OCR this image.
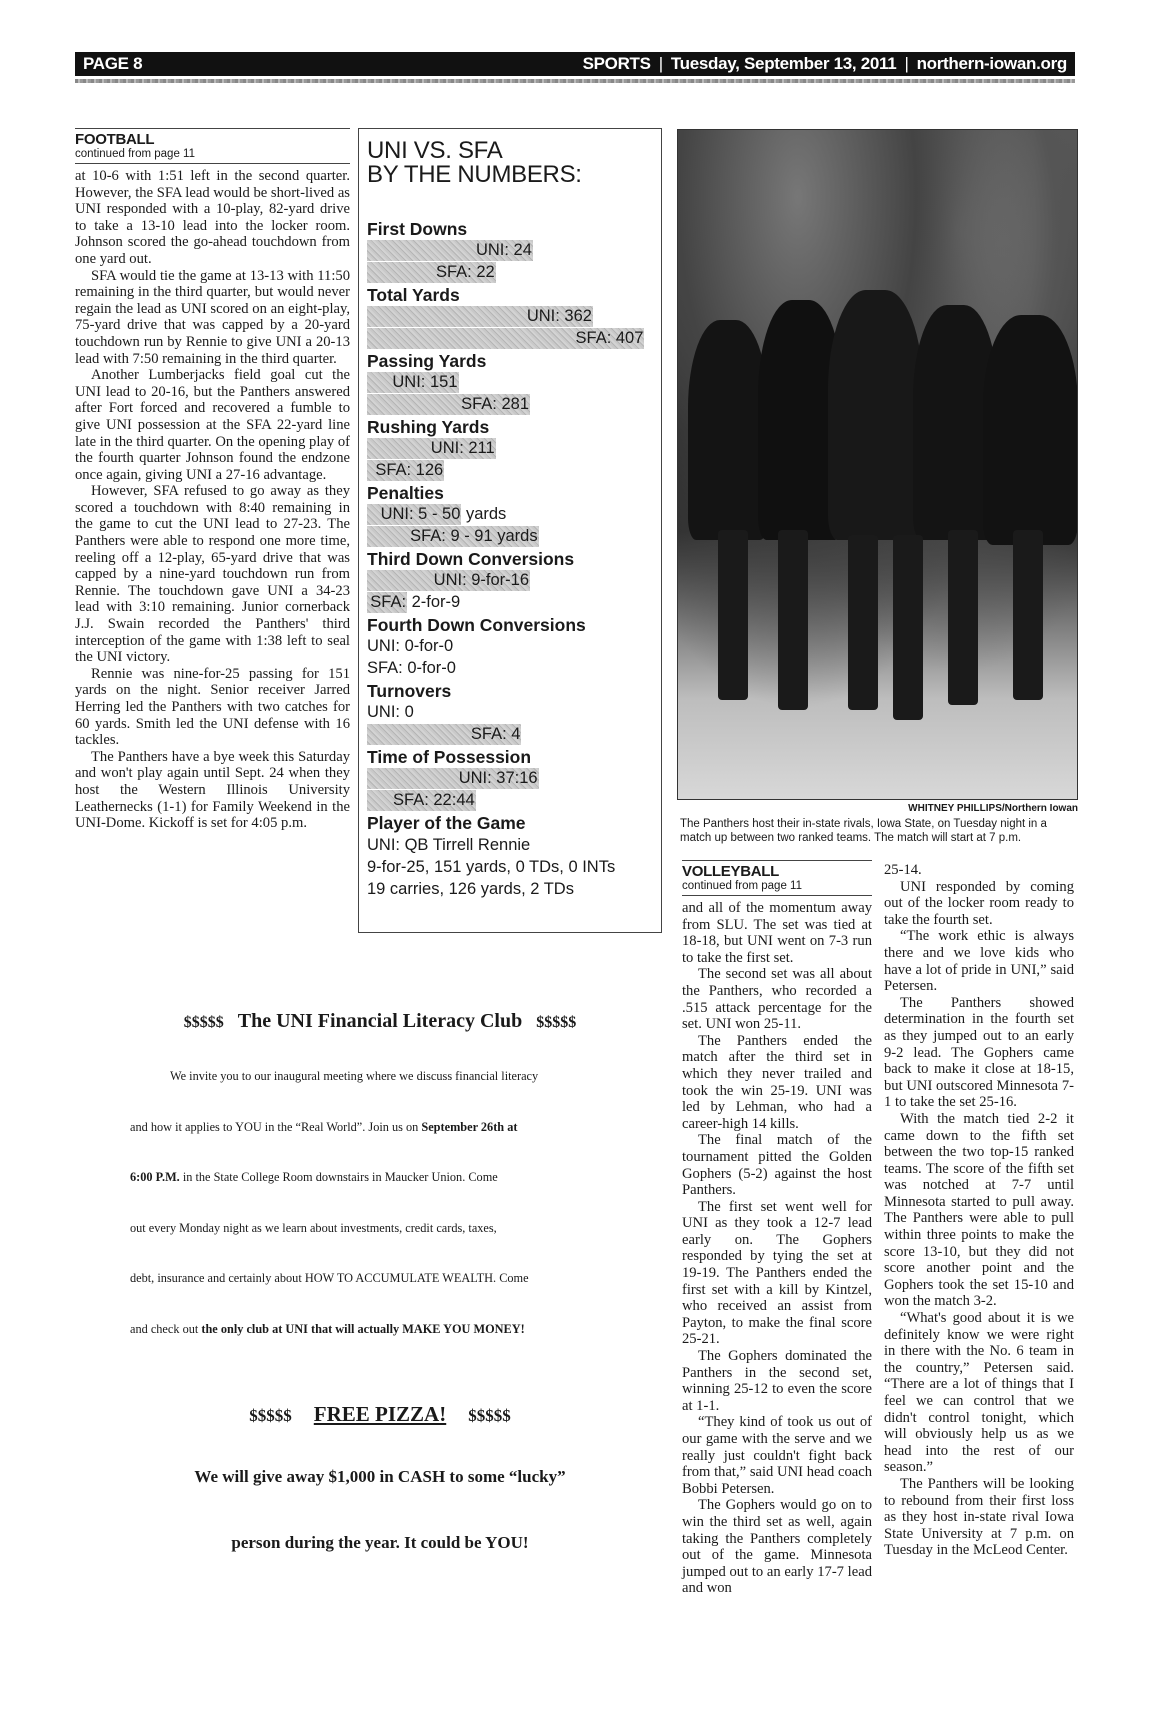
PAGE 8	SPORTS | Tuesday, September 13, 2011 | northern-iowan.org
FOOTBALL
continued from page 11

at 10-6 with 1:51 left in the second quarter. However, the SFA lead would be short-lived as UNI responded with a 10-play, 82-yard drive to take a 13-10 lead into the locker room. Johnson scored the go-ahead touchdown from one yard out.

SFA would tie the game at 13-13 with 11:50 remaining in the third quarter, but would never regain the lead as UNI scored on an eight-play, 75-yard drive that was capped by a 20-yard touchdown run by Rennie to give UNI a 20-13 lead with 7:50 remaining in the third quarter.

Another Lumberjacks field goal cut the UNI lead to 20-16, but the Panthers answered after Fort forced and recovered a fumble to give UNI possession at the SFA 22-yard line late in the third quarter. On the opening play of the fourth quarter Johnson found the endzone once again, giving UNI a 27-16 advantage.

However, SFA refused to go away as they scored a touchdown with 8:40 remaining in the game to cut the UNI lead to 27-23. The Panthers were able to respond one more time, reeling off a 12-play, 65-yard drive that was capped by a nine-yard touchdown run from Rennie. The touchdown gave UNI a 34-23 lead with 3:10 remaining. Junior cornerback J.J. Swain recorded the Panthers' third interception of the game with 1:38 left to seal the UNI victory.

Rennie was nine-for-25 passing for 151 yards on the night. Senior receiver Jarred Herring led the Panthers with two catches for 60 yards. Smith led the UNI defense with 16 tackles.

The Panthers have a bye week this Saturday and won't play again until Sept. 24 when they host the Western Illinois University Leathernecks (1-1) for Family Weekend in the UNI-Dome. Kickoff is set for 4:05 p.m.

UNI VS. SFA
BY THE NUMBERS:
First Downs
UNI: 24
SFA: 22
Total Yards
UNI: 362
SFA: 407
Passing Yards
UNI: 151
SFA: 281
Rushing Yards
UNI: 211
SFA: 126
Penalties
UNI: 5 - 50 yards
SFA: 9 - 91 yards
Third Down Conversions
UNI: 9-for-16
SFA: 2-for-9
Fourth Down Conversions
UNI: 0-for-0
SFA: 0-for-0
Turnovers
UNI: 0
SFA: 4
Time of Possession
UNI: 37:16
SFA: 22:44
Player of the Game
UNI: QB Tirrell Rennie
9-for-25, 151 yards, 0 TDs, 0 INTs
19 carries, 126 yards, 2 TDs
WHITNEY PHILLIPS/Northern Iowan
The Panthers host their in-state rivals, Iowa State, on Tuesday night in a match up between two ranked teams. The match will start at 7 p.m.
VOLLEYBALL
continued from page 11

and all of the momentum away from SLU. The set was tied at 18-18, but UNI went on 7-3 run to take the first set.

The second set was all about the Panthers, who recorded a .515 attack percentage for the set. UNI won 25-11.

The Panthers ended the match after the third set in which they never trailed and took the win 25-19. UNI was led by Lehman, who had a career-high 14 kills.

The final match of the tournament pitted the Golden Gophers (5-2) against the host Panthers.

The first set went well for UNI as they took a 12-7 lead early on. The Gophers responded by tying the set at 19-19. The Panthers ended the first set with a kill by Kintzel, who received an assist from Payton, to make the final score 25-21.

The Gophers dominated the Panthers in the second set, winning 25-12 to even the score at 1-1.

“They kind of took us out of our game with the serve and we really just couldn't fight back from that,” said UNI head coach Bobbi Petersen.

The Gophers would go on to win the third set as well, again taking the Panthers completely out of the game. Minnesota jumped out to an early 17-7 lead and won

25-14.

UNI responded by coming out of the locker room ready to take the fourth set.

“The work ethic is always there and we love kids who have a lot of pride in UNI,” said Petersen.

The Panthers showed determination in the fourth set as they jumped out to an early 9-2 lead. The Gophers came back to make it close at 18-15, but UNI outscored Minnesota 7-1 to take the set 25-16.

With the match tied 2-2 it came down to the fifth set between the two top-15 ranked teams. The score of the fifth set was notched at 7-7 until Minnesota started to pull away. The Panthers were able to pull within three points to make the score 13-10, but they did not score another point and the Gophers took the set 15-10 and won the match 3-2.

“What's good about it is we definitely know we were right in there with the No. 6 team in the country,” Petersen said. “There are a lot of things that I feel we can control that we didn't control tonight, which will obviously help us as we head into the rest of our season.”

The Panthers will be looking to rebound from their first loss as they host in-state rival Iowa State University at 7 p.m. on Tuesday in the McLeod Center.

$$$$$ The UNI Financial Literacy Club $$$$$
We invite you to our inaugural meeting where we discuss financial literacy
and how it applies to YOU in the “Real World”. Join us on September 26th at
6:00 P.M. in the State College Room downstairs in Maucker Union. Come
out every Monday night as we learn about investments, credit cards, taxes,
debt, insurance and certainly about HOW TO ACCUMULATE WEALTH. Come
and check out the only club at UNI that will actually MAKE YOU MONEY!
$$$$$ FREE PIZZA! $$$$$
We will give away $1,000 in CASH to some “lucky”
person during the year. It could be YOU!
